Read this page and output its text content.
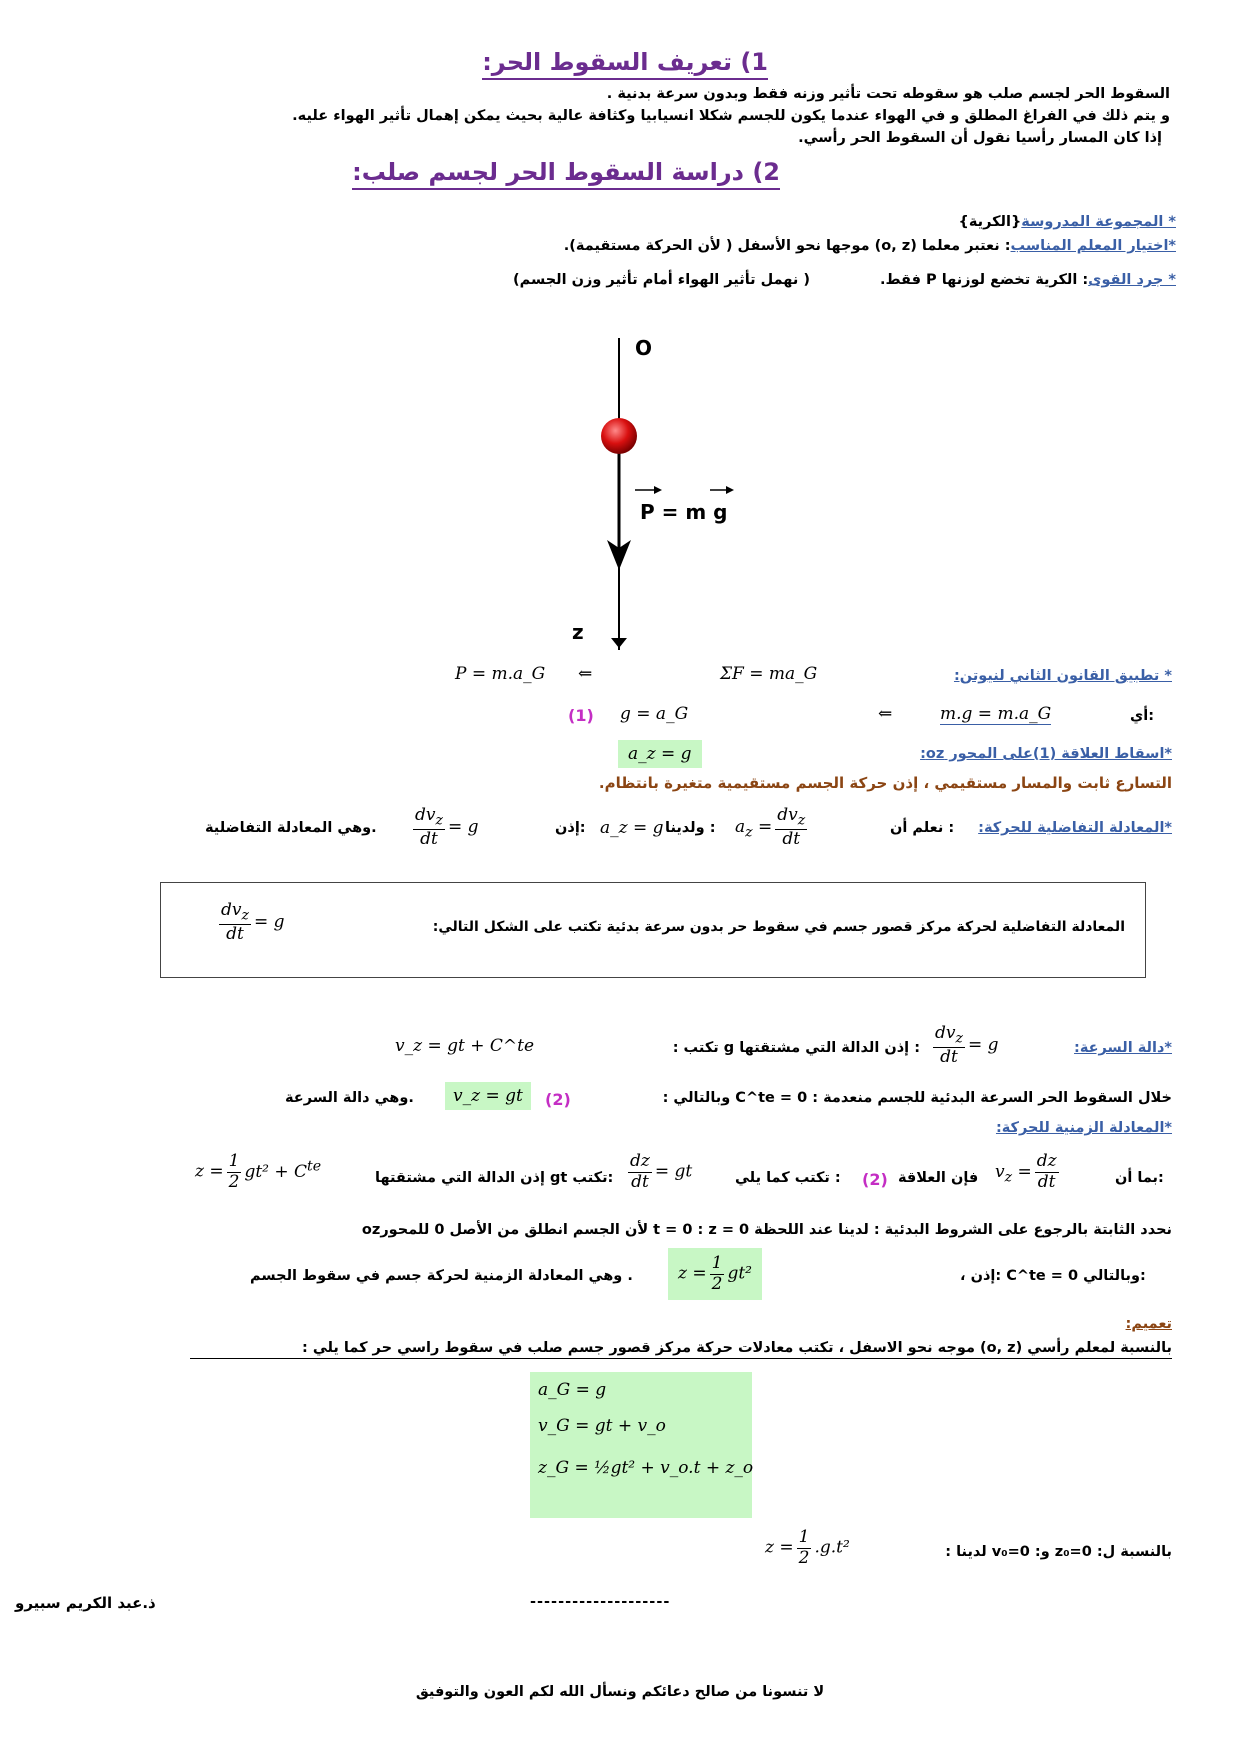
1) تعريف السقوط الحر:
السقوط الحر لجسم صلب هو سقوطه تحت تأثير وزنه فقط وبدون سرعة بدنية .
و يتم ذلك في الفراغ المطلق و في الهواء عندما يكون للجسم شكلا انسيابيا وكثافة عالية بحيث يمكن إهمال تأثير الهواء عليه.
إذا كان المسار رأسيا نقول أن السقوط الحر رأسي.
2) دراسة السقوط الحر لجسم صلب:
* المجموعة المدروسة{الكرية}
*اختيار المعلم المناسب: نعتبر معلما (o, z) موجها نحو الأسفل ( لأن الحركة مستقيمة).
* جرد القوى: الكرية تخضع لوزنها P فقط.
( نهمل تأثير الهواء أمام تأثير وزن الجسم)
O
P = m g
z
* تطبيق القانون الثاني لنيوتن:
ΣF = ma_G
⇐
P = m.a_G
أي:
m.g = m.a_G
⇐
g = a_G
(1)
*اسقاط العلاقة (1)على المحور oz:
a_z = g
التسارع ثابت والمسار مستقيمي ، إذن حركة الجسم مستقيمية متغيرة بانتظام.
*المعادلة التفاضلية للحركة:
نعلم أن :
$a_z = \frac{dv_z}{dt}$
ولدينا :
a_z = g
إذن:
$\frac{dv_z}{dt} = g$
وهي المعادلة التفاضلية.
المعادلة التفاضلية لحركة مركز قصور جسم في سقوط حر بدون سرعة بدئية تكتب على الشكل التالي:
$\frac{dv_z}{dt} = g$
*دالة السرعة:
$\frac{dv_z}{dt} = g$
: إذن الدالة التي مشتقتها g تكتب :
v_z = gt + C^te
خلال السقوط الحر السرعة البدئية للجسم منعدمة : C^te = 0 وبالتالي :
(2)
v_z = gt
وهي دالة السرعة.
*المعادلة الزمنية للحركة:
بما أن:
$v_z = \frac{dz}{dt}$
فإن العلاقة
(2)
تكتب كما يلي :
$\frac{dz}{dt}$ = gt
إذن الدالة التي مشتقتها gt تكتب:
$z = \frac{1}{2} gt^2 + C^{te}$
نحدد الثابتة بالرجوع على الشروط البدئية : لدينا عند اللحظة t = 0 : z = 0 لأن الجسم انطلق من الأصل 0 للمحورoz
، إذن: C^te = 0 وبالتالي:
$z = \frac{1}{2} gt^2$
وهي المعادلة الزمنية لحركة جسم في سقوط الجسم .
تعميم:
بالنسبة لمعلم رأسي (o, z) موجه نحو الاسفل ، تكتب معادلات حركة مركز قصور جسم صلب في سقوط راسي حر كما يلي :
a_G = g
v_G = gt + v_o
z_G = ½gt² + v_o.t + z_o
بالنسبة ل: z₀=0 و: v₀=0 لدينا :
$z = \frac{1}{2} .g.t^2$
ذ.عبد الكريم سبيرو	--------------------
لا تنسونا من صالح دعائكم ونسأل الله لكم العون والتوفيق
